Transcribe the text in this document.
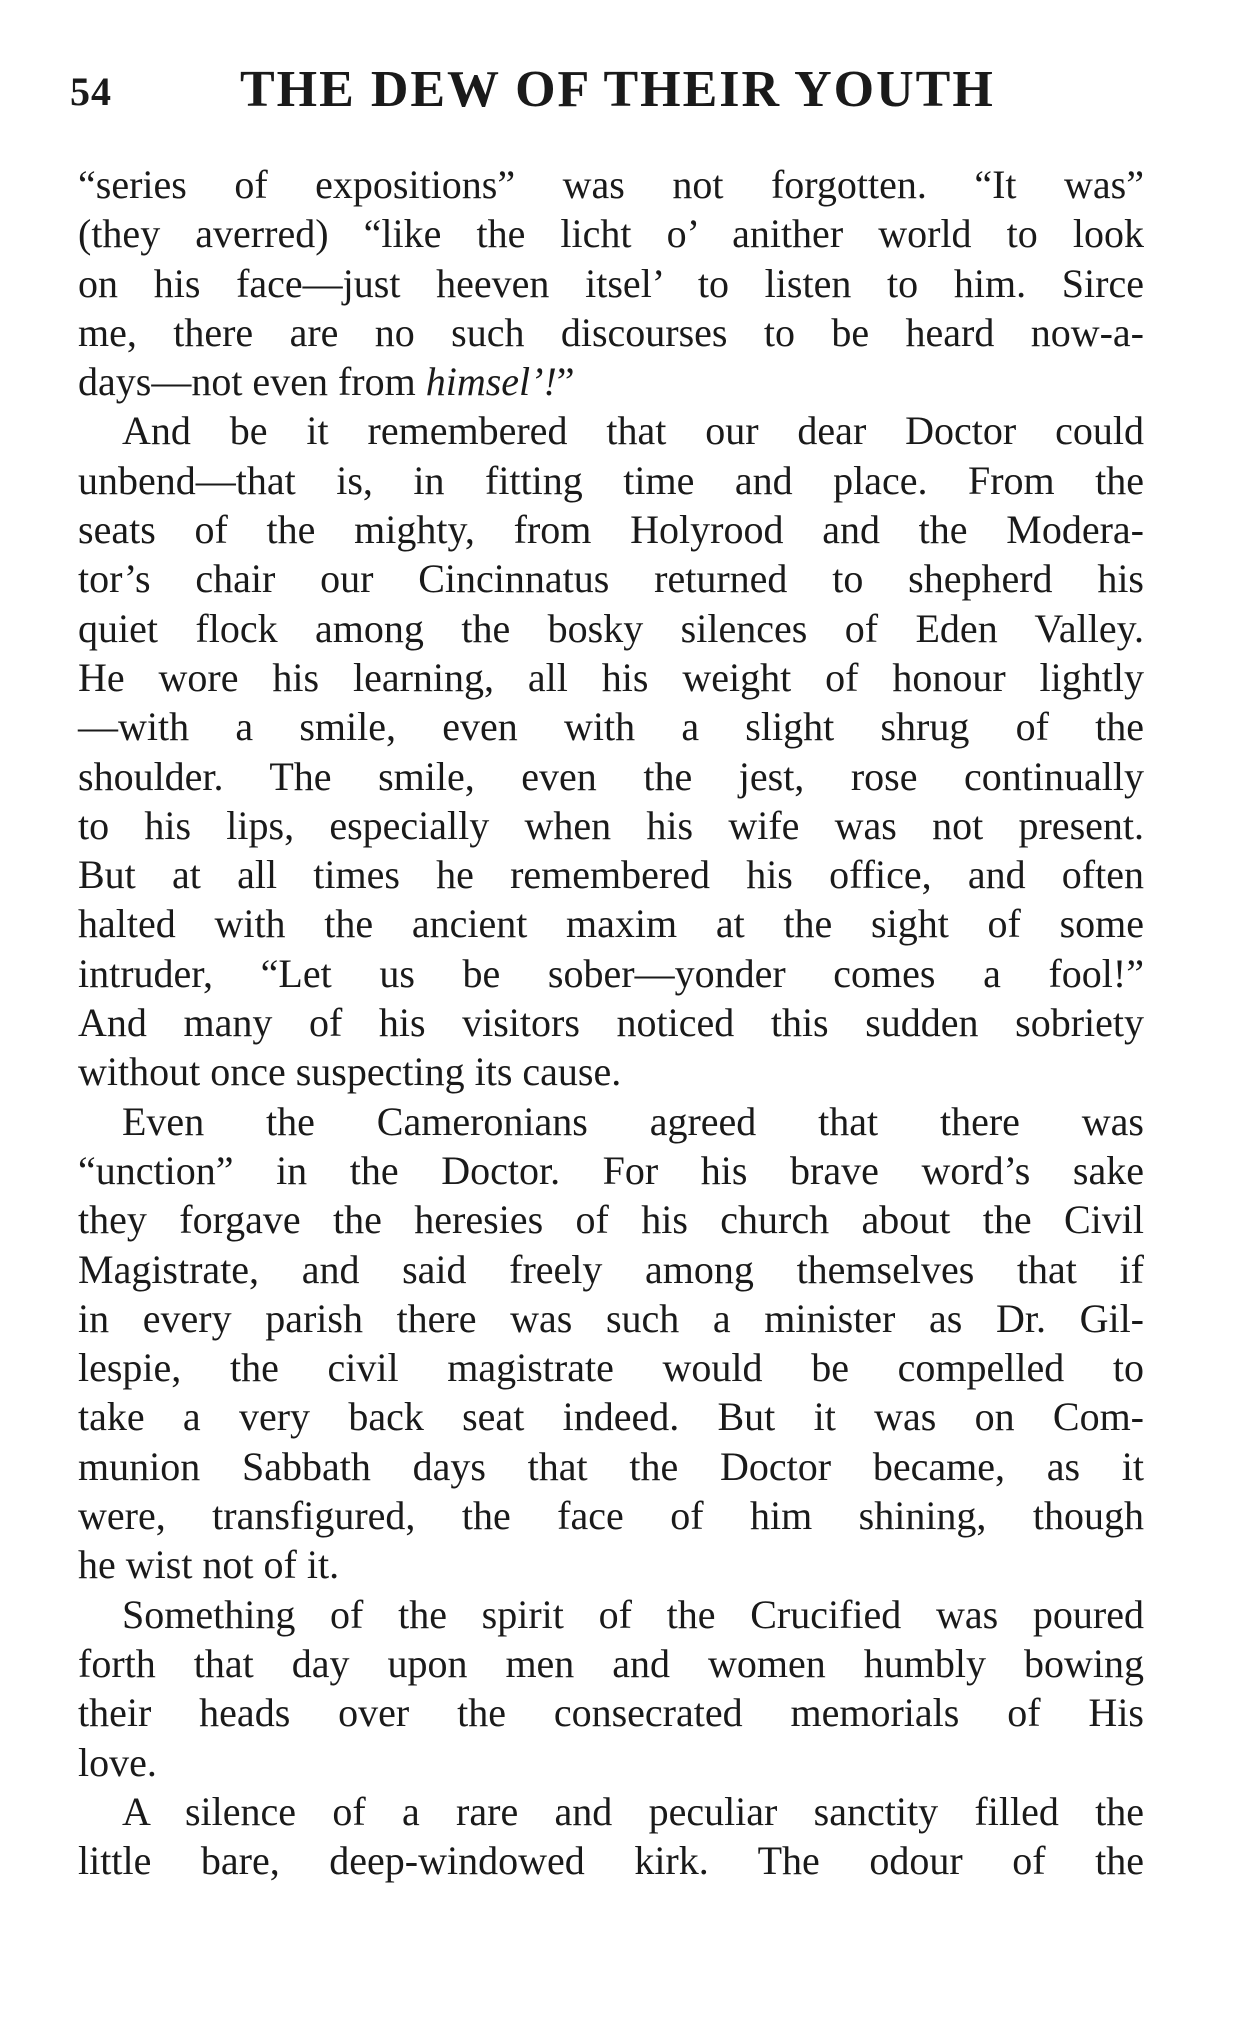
54 THE DEW OF THEIR YOUTH

“series of expositions” was not forgotten. “It was”
(they averred) “like the licht o’ anither world to look
on his face—just heeven itsel’ to listen to him. Sirce
me, there are no such discourses to be heard now-a-
days—not even from himsel’!”

And be it remembered that our dear Doctor could
unbend—that is, in fitting time and place. From the
seats of the mighty, from Holyrood and the Modera-
tor’s chair our Cincinnatus returned to shepherd his
quiet flock among the bosky silences of Eden Valley.
He wore his learning, all his weight of honour lightly
—with a smile, even with a slight shrug of the
shoulder. The smile, even the jest, rose continually
to his lips, especially when his wife was not present.
But at all times he remembered his office, and often
halted with the ancient maxim at the sight of some
intruder, “Let us be sober—yonder comes a fool!”
And many of his visitors noticed this sudden sobriety
without once suspecting its cause.

Even the Cameronians agreed that there was
“unction” in the Doctor. For his brave word’s sake
they forgave the heresies of his church about the Civil
Magistrate, and said freely among themselves that if
in every parish there was such a minister as Dr. Gil-
lespie, the civil magistrate would be compelled to
take a very back seat indeed. But it was on Com-
munion Sabbath days that the Doctor became, as it
were, transfigured, the face of him shining, though
he wist not of it.

Something of the spirit of the Crucified was poured
forth that day upon men and women humbly bowing
their heads over the consecrated memorials of His
love.

A silence of a rare and peculiar sanctity filled the
little bare, deep-windowed kirk. The odour of the
